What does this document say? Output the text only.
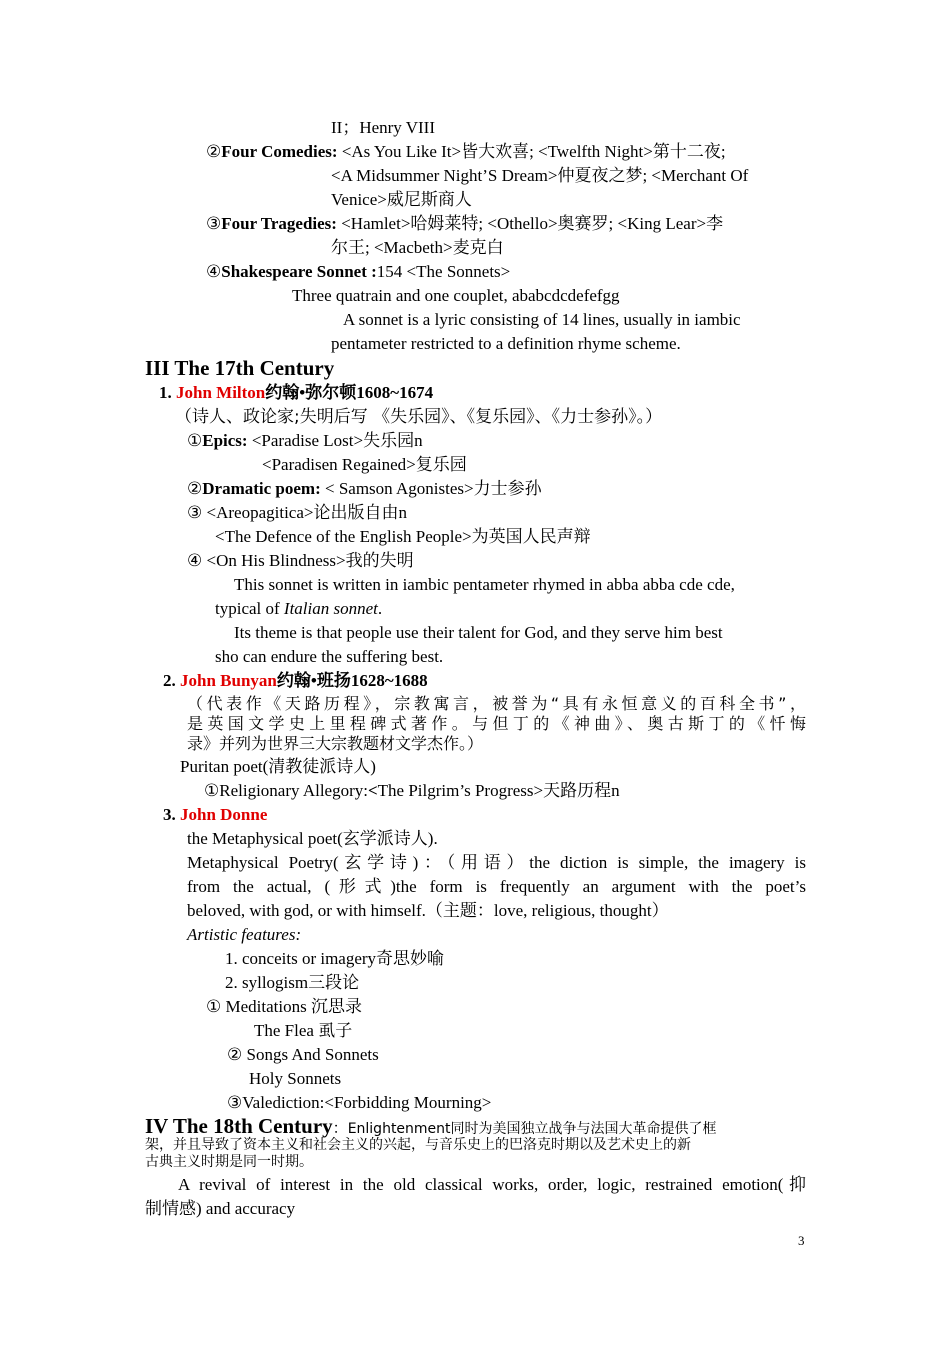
II；Henry VIII
②Four Comedies: <As You Like It>皆大欢喜; <Twelfth Night>第十二夜;
<A Midsummer Night’S Dream>仲夏夜之梦; <Merchant Of
Venice>威尼斯商人
③Four Tragedies: <Hamlet>哈姆莱特; <Othello>奥赛罗; <King Lear>李
尔王; <Macbeth>麦克白
④Shakespeare Sonnet :154 <The Sonnets>
Three quatrain and one couplet, ababcdcdefefgg
A sonnet is a lyric consisting of 14 lines, usually in iambic
pentameter restricted to a definition rhyme scheme.
III The 17th Century
1. John Milton约翰•弥尔顿1608~1674
（诗人、政论家;失明后写 《失乐园》、《复乐园》、《力士参孙》。）
①Epics: <Paradise Lost>失乐园n
<Paradisen Regained>复乐园
②Dramatic poem: < Samson Agonistes>力士参孙
③ <Areopagitica>论出版自由n
<The Defence of the English People>为英国人民声辩
④ <On His Blindness>我的失明
This sonnet is written in iambic pentameter rhymed in abba abba cde cde,
typical of Italian sonnet.
Its theme is that people use their talent for God, and they serve him best
sho can endure the suffering best.
2. John Bunyan约翰•班扬1628~1688
（代表作《天路历程》，宗教寓言，被誉为“具有永恒意义的百科全书”，
是英国文学史上里程碑式著作。与但丁的《神曲》、奥古斯丁的《忏悔
录》并列为世界三大宗教题材文学杰作。）
Puritan poet(清教徒派诗人)
①Religionary Allegory:<The Pilgrim’s Progress>天路历程n
3. John Donne
the Metaphysical poet(玄学派诗人).
Metaphysical Poetry(玄学诗)：（用语）the diction is simple, the imagery is
from the actual, (形式)the form is frequently an argument with the poet’s
beloved, with god, or with himself.（主题：love, religious, thought）
Artistic features:
1. conceits or imagery奇思妙喻
2. syllogism三段论
① Meditations 沉思录
The Flea 虱子
② Songs And Sonnets
Holy Sonnets
③Valediction:<Forbidding Mourning>
IV The 18th Century：Enlightenment同时为美国独立战争与法国大革命提供了框
架，并且导致了资本主义和社会主义的兴起，与音乐史上的巴洛克时期以及艺术史上的新
古典主义时期是同一时期。
A revival of interest in the old classical works, order, logic, restrained emotion(抑
制情感) and accuracy
3
